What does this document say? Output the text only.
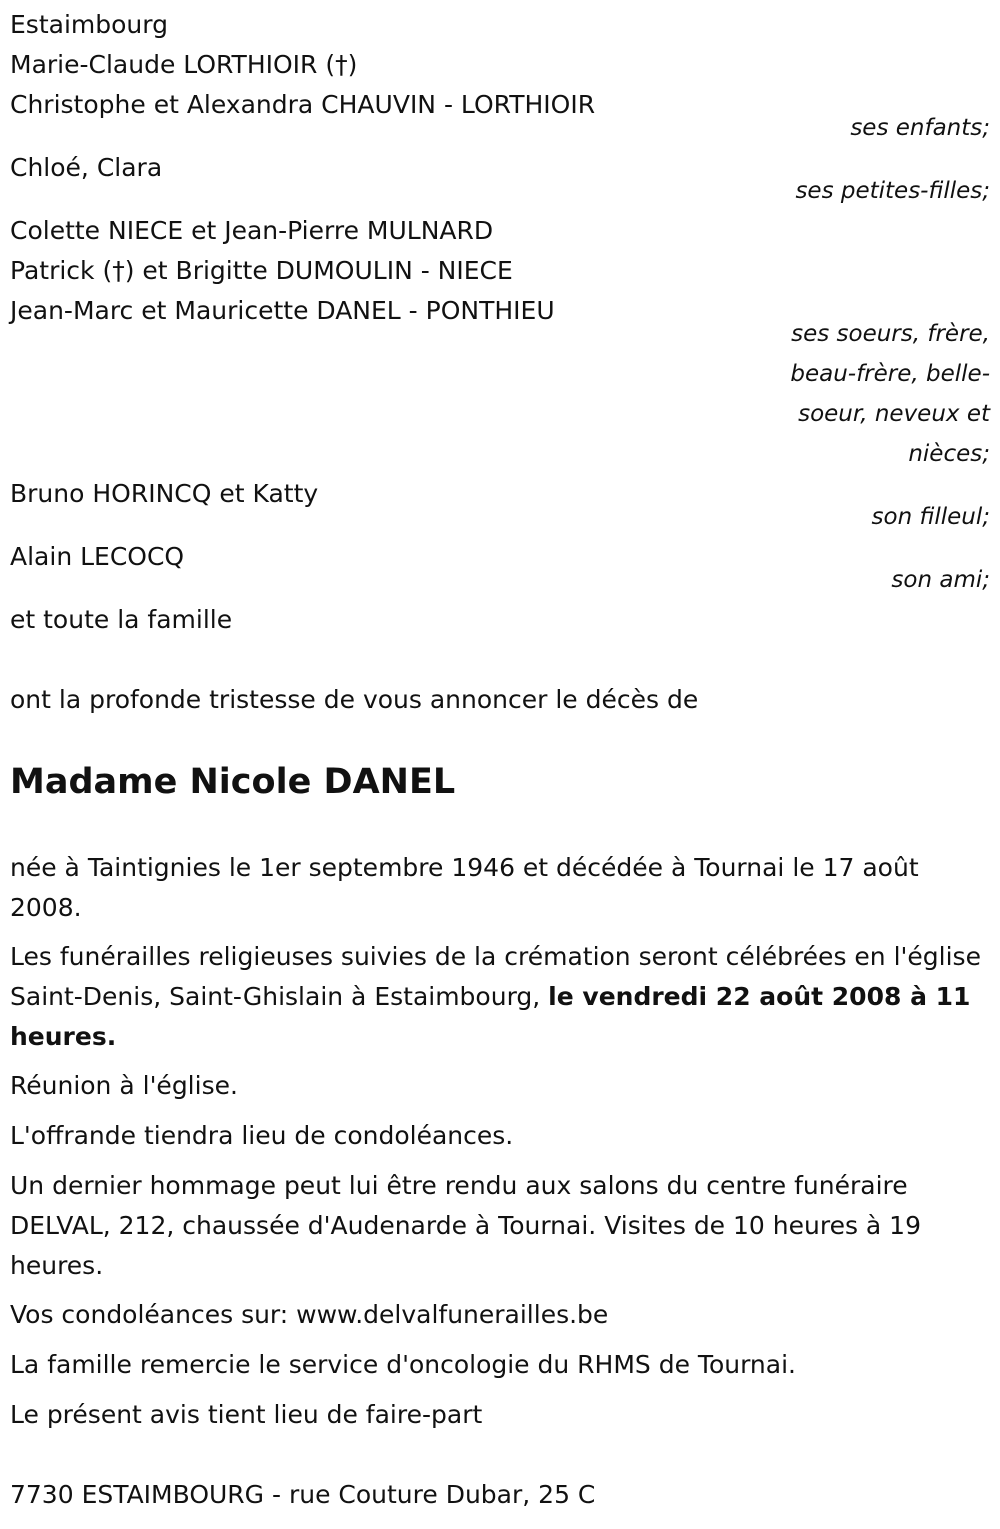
Estaimbourg
Marie-Claude LORTHIOIR (†)
Christophe et Alexandra CHAUVIN - LORTHIOIR
ses enfants;
Chloé, Clara
ses petites-filles;
Colette NIECE et Jean-Pierre MULNARD
Patrick (†) et Brigitte DUMOULIN - NIECE
Jean-Marc et Mauricette DANEL - PONTHIEU
ses soeurs, frère,
beau-frère, belle-
soeur, neveux et
nièces;
Bruno HORINCQ et Katty
son filleul;
Alain LECOCQ
son ami;
et toute la famille
ont la profonde tristesse de vous annoncer le décès de
Madame Nicole DANEL
née à Taintignies le 1er septembre 1946 et décédée à Tournai le 17 août 2008.
Les funérailles religieuses suivies de la crémation seront célébrées en l'église Saint-Denis, Saint-Ghislain à Estaimbourg, le vendredi 22 août 2008 à 11 heures.
Réunion à l'église.
L'offrande tiendra lieu de condoléances.
Un dernier hommage peut lui être rendu aux salons du centre funéraire DELVAL, 212, chaussée d'Audenarde à Tournai. Visites de 10 heures à 19 heures.
Vos condoléances sur: www.delvalfunerailles.be
La famille remercie le service d'oncologie du RHMS de Tournai.
Le présent avis tient lieu de faire-part
7730 ESTAIMBOURG - rue Couture Dubar, 25 C
